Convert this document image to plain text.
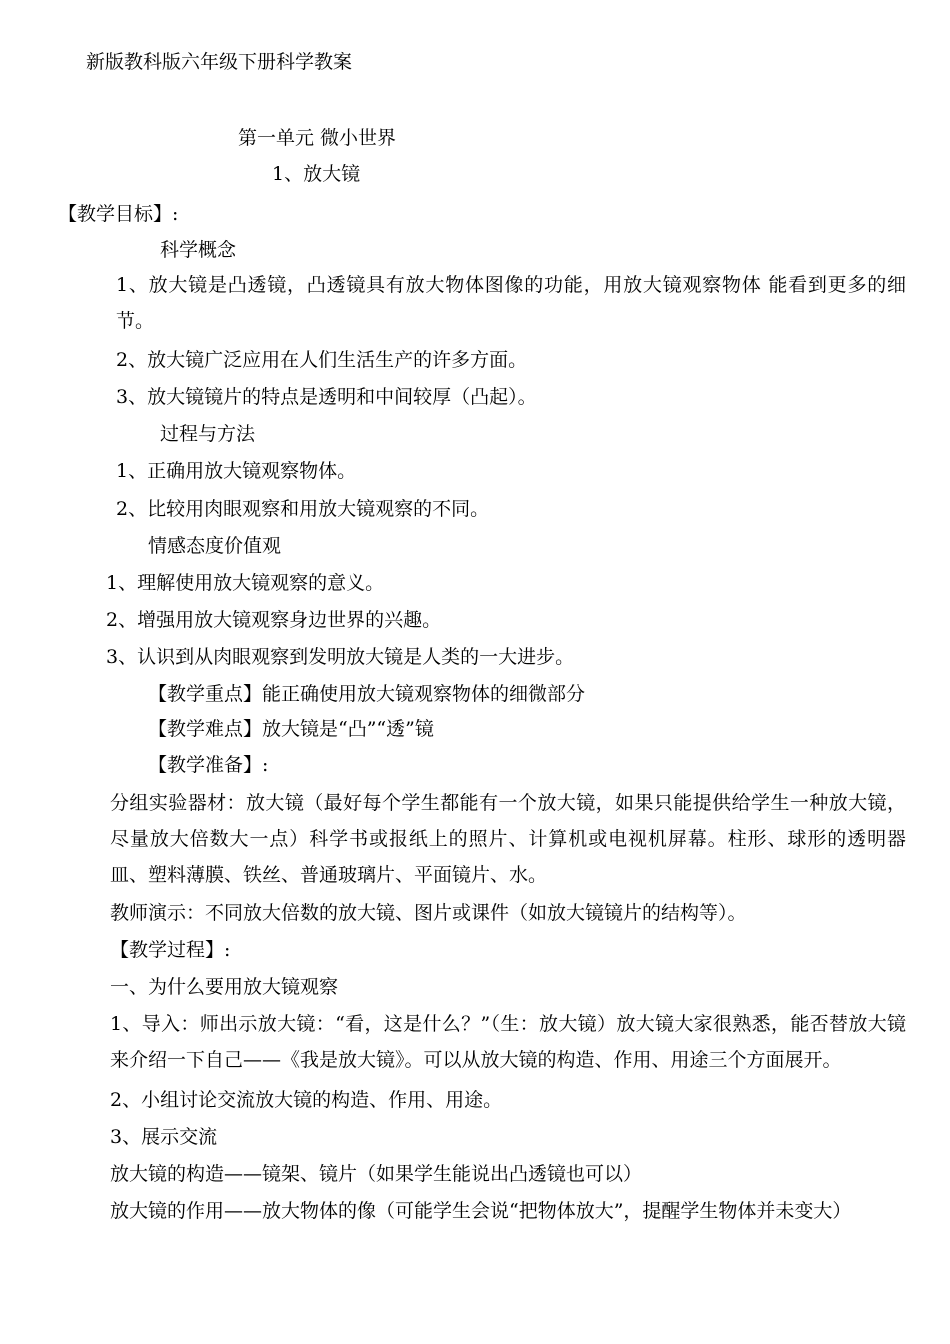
新版教科版六年级下册科学教案
第一单元 微小世界
1、放大镜
【教学目标】:
科学概念
1、放大镜是凸透镜，凸透镜具有放大物体图像的功能，用放大镜观察物体 能看到更多的细节。
2、放大镜广泛应用在人们生活生产的许多方面。
3、放大镜镜片的特点是透明和中间较厚（凸起）。
过程与方法
1、正确用放大镜观察物体。
2、比较用肉眼观察和用放大镜观察的不同。
情感态度价值观
1、理解使用放大镜观察的意义。
2、增强用放大镜观察身边世界的兴趣。
3、认识到从肉眼观察到发明放大镜是人类的一大进步。
【教学重点】能正确使用放大镜观察物体的细微部分
【教学难点】放大镜是“凸”“透”镜
【教学准备】:
分组实验器材：放大镜（最好每个学生都能有一个放大镜，如果只能提供给学生一种放大镜，尽量放大倍数大一点）科学书或报纸上的照片、计算机或电视机屏幕。柱形、球形的透明器皿、塑料薄膜、铁丝、普通玻璃片、平面镜片、水。
教师演示：不同放大倍数的放大镜、图片或课件（如放大镜镜片的结构等）。
【教学过程】:
一、为什么要用放大镜观察
1、导入：师出示放大镜：“看，这是什么？”（生：放大镜）放大镜大家很熟悉，能否替放大镜来介绍一下自己——《我是放大镜》。可以从放大镜的构造、作用、用途三个方面展开。
2、小组讨论交流放大镜的构造、作用、用途。
3、展示交流
放大镜的构造——镜架、镜片（如果学生能说出凸透镜也可以）
放大镜的作用——放大物体的像（可能学生会说“把物体放大”，提醒学生物体并未变大）
